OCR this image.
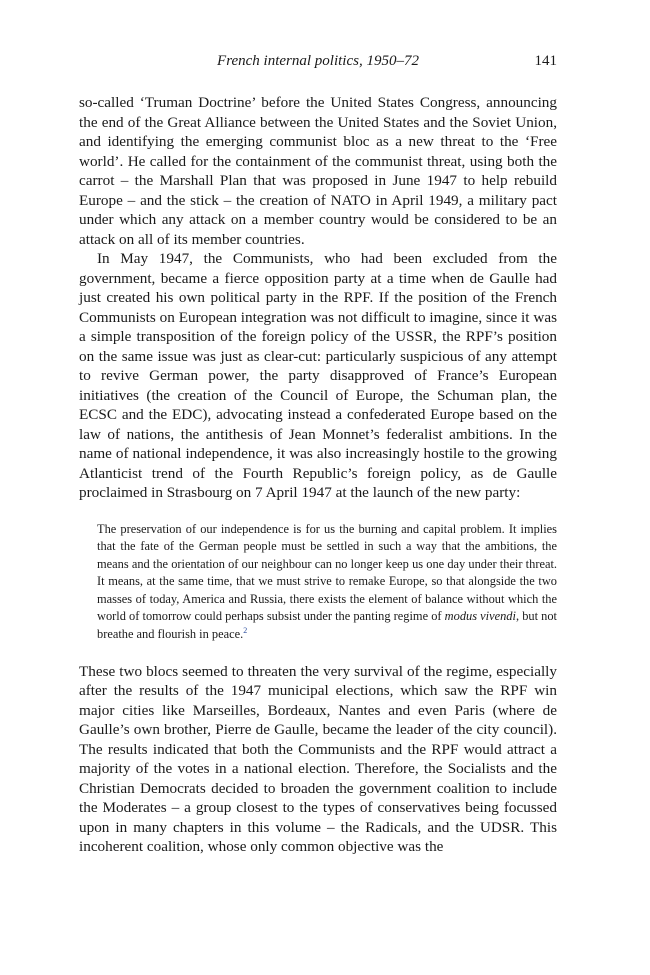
French internal politics, 1950–72	141

so-called ‘Truman Doctrine’ before the United States Congress, announcing the end of the Great Alliance between the United States and the Soviet Union, and identifying the emerging communist bloc as a new threat to the ‘Free world’. He called for the containment of the communist threat, using both the carrot – the Marshall Plan that was proposed in June 1947 to help rebuild Europe – and the stick – the creation of NATO in April 1949, a military pact under which any attack on a member country would be considered to be an attack on all of its member countries.

In May 1947, the Communists, who had been excluded from the government, became a fierce opposition party at a time when de Gaulle had just created his own political party in the RPF. If the position of the French Communists on European integration was not difficult to imagine, since it was a simple transposition of the foreign policy of the USSR, the RPF’s position on the same issue was just as clear-cut: particularly suspicious of any attempt to revive German power, the party disapproved of France’s European initiatives (the creation of the Council of Europe, the Schuman plan, the ECSC and the EDC), advocating instead a confederated Europe based on the law of nations, the antithesis of Jean Monnet’s federalist ambitions. In the name of national independence, it was also increasingly hostile to the growing Atlanticist trend of the Fourth Republic’s foreign policy, as de Gaulle proclaimed in Strasbourg on 7 April 1947 at the launch of the new party:

The preservation of our independence is for us the burning and capital problem. It implies that the fate of the German people must be settled in such a way that the ambitions, the means and the orientation of our neighbour can no longer keep us one day under their threat. It means, at the same time, that we must strive to remake Europe, so that alongside the two masses of today, America and Russia, there exists the element of balance without which the world of tomorrow could perhaps subsist under the panting regime of modus vivendi, but not breathe and flourish in peace.$^2$

These two blocs seemed to threaten the very survival of the regime, especially after the results of the 1947 municipal elections, which saw the RPF win major cities like Marseilles, Bordeaux, Nantes and even Paris (where de Gaulle’s own brother, Pierre de Gaulle, became the leader of the city council). The results indicated that both the Communists and the RPF would attract a majority of the votes in a national election. Therefore, the Socialists and the Christian Democrats decided to broaden the government coalition to include the Moderates – a group closest to the types of conservatives being focussed upon in many chapters in this volume – the Radicals, and the UDSR. This incoherent coalition, whose only common objective was the
